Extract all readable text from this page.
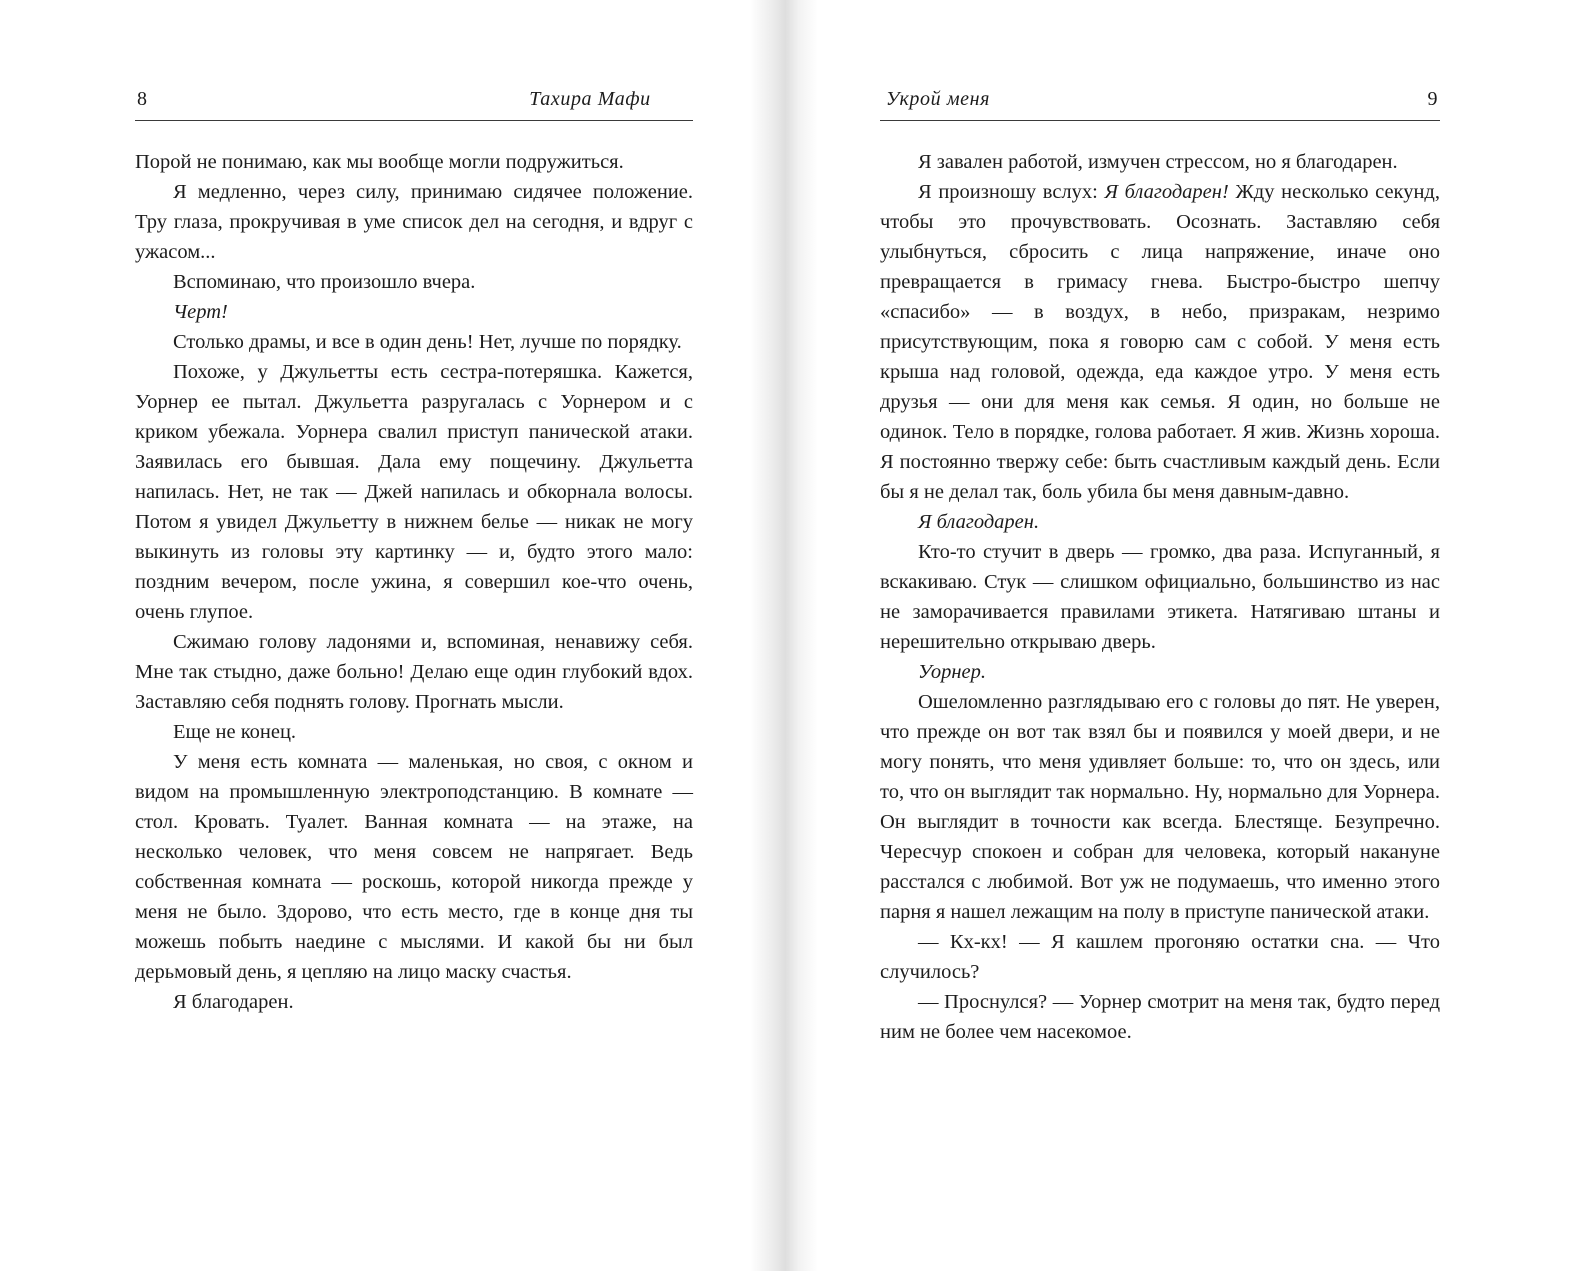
8	Тахира Мафи

Порой не понимаю, как мы вообще могли подружиться.

Я медленно, через силу, принимаю сидячее положение. Тру глаза, прокручивая в уме список дел на сегодня, и вдруг с ужасом...

Вспоминаю, что произошло вчера.

Черт!

Столько драмы, и все в один день! Нет, лучше по порядку.

Похоже, у Джульетты есть сестра-потеряшка. Кажется, Уорнер ее пытал. Джульетта разругалась с Уорнером и с криком убежала. Уорнера свалил приступ панической атаки. Заявилась его бывшая. Дала ему пощечину. Джульетта напилась. Нет, не так — Джей напилась и обкорнала волосы. Потом я увидел Джульетту в нижнем белье — никак не могу выкинуть из головы эту картинку — и, будто этого мало: поздним вечером, после ужина, я совершил кое-что очень, очень глупое.

Сжимаю голову ладонями и, вспоминая, ненавижу себя. Мне так стыдно, даже больно! Делаю еще один глубокий вдох. Заставляю себя поднять голову. Прогнать мысли.

Еще не конец.

У меня есть комната — маленькая, но своя, с окном и видом на промышленную электроподстанцию. В комнате — стол. Кровать. Туалет. Ванная комната — на этаже, на несколько человек, что меня совсем не напрягает. Ведь собственная комната — роскошь, которой никогда прежде у меня не было. Здорово, что есть место, где в конце дня ты можешь побыть наедине с мыслями. И какой бы ни был дерьмовый день, я цепляю на лицо маску счастья.

Я благодарен.

Укрой меня	9

Я завален работой, измучен стрессом, но я благодарен.

Я произношу вслух: Я благодарен! Жду несколько секунд, чтобы это прочувствовать. Осознать. Заставляю себя улыбнуться, сбросить с лица напряжение, иначе оно превращается в гримасу гнева. Быстро-быстро шепчу «спасибо» — в воздух, в небо, призракам, незримо присутствующим, пока я говорю сам с собой. У меня есть крыша над головой, одежда, еда каждое утро. У меня есть друзья — они для меня как семья. Я один, но больше не одинок. Тело в порядке, голова работает. Я жив. Жизнь хороша. Я постоянно твержу себе: быть счастливым каждый день. Если бы я не делал так, боль убила бы меня давным-давно.

Я благодарен.

Кто-то стучит в дверь — громко, два раза. Испуганный, я вскакиваю. Стук — слишком официально, большинство из нас не заморачивается правилами этикета. Натягиваю штаны и нерешительно открываю дверь.

Уорнер.

Ошеломленно разглядываю его с головы до пят. Не уверен, что прежде он вот так взял бы и появился у моей двери, и не могу понять, что меня удивляет больше: то, что он здесь, или то, что он выглядит так нормально. Ну, нормально для Уорнера. Он выглядит в точности как всегда. Блестяще. Безупречно. Чересчур спокоен и собран для человека, который накануне расстался с любимой. Вот уж не подумаешь, что именно этого парня я нашел лежащим на полу в приступе панической атаки.

— Кх-кх! — Я кашлем прогоняю остатки сна. — Что случилось?

— Проснулся? — Уорнер смотрит на меня так, будто перед ним не более чем насекомое.
